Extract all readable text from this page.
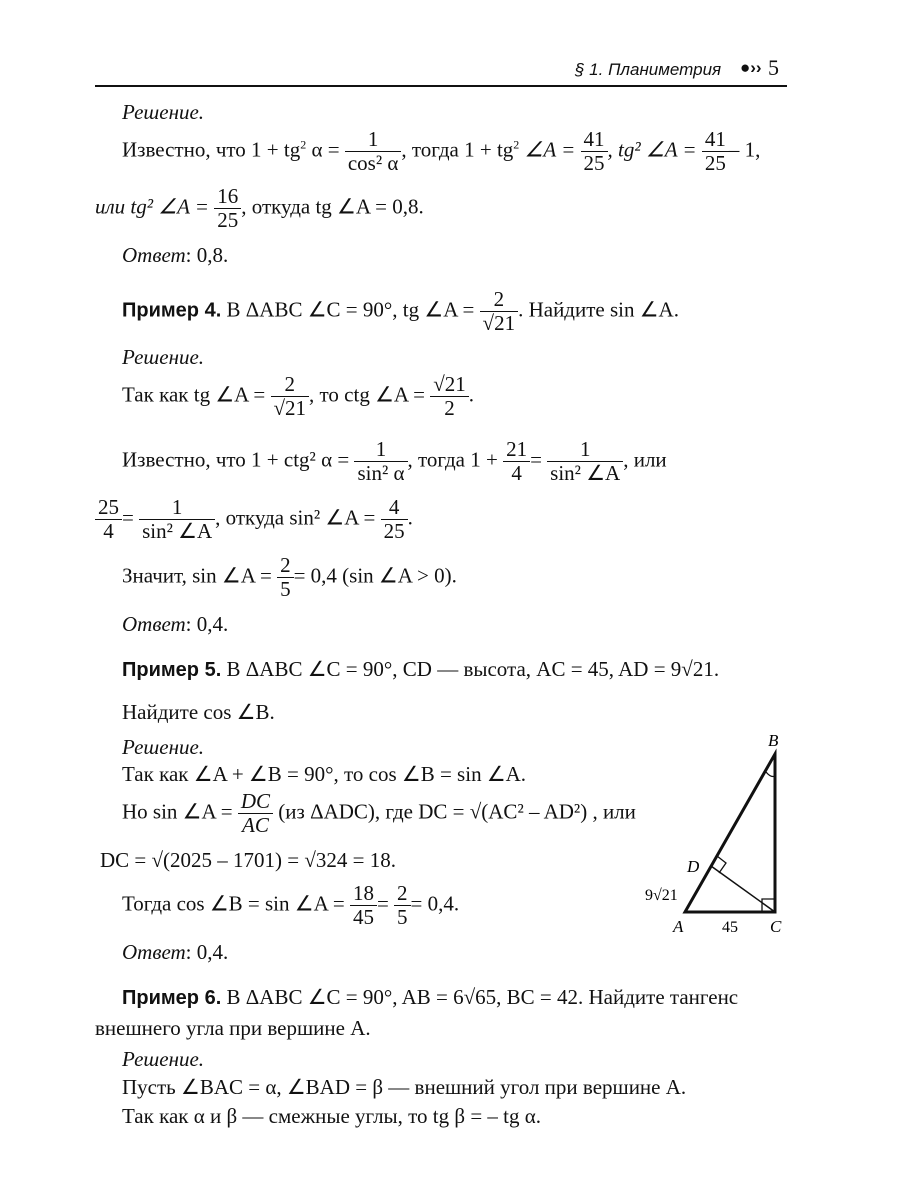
§ 1. Планиметрия ●›› 5
Решение.
Известно, что $1 + tg^2$ $\alpha = \frac{1}{\text{cos² α}}$ , тогда $1 + tg^2$ ∠A = $\frac{41}{25}$ , tg² ∠A = $\frac{41}{25} - 1$,
или tg² ∠A = $\frac{16}{25}$ , откуда tg ∠A = 0,8.
Ответ: 0,8.
Пример 4. В ΔABC ∠C = 90°, tg ∠A = $\frac{2}{√21}$ . Найдите sin ∠A.
Решение.
Так как tg ∠A = $\frac{2}{√21}$ , то ctg ∠A = $\frac{√21}{2}$ .
Известно, что 1 + ctg² $\alpha = \frac{1}{\text{sin² α}}$ , тогда $1 + \frac{21}{4} = \frac{1}{\text{sin² ∠A}}$ , или
$\frac{25}{4} = \frac{1}{\text{sin² ∠A}}$ , откуда sin² ∠A = $\frac{4}{25}$ .
Значит, sin ∠A = $\frac{2}{5} = 0,4$ (sin ∠A > 0).
Ответ: 0,4.
Пример 5. В ΔABC ∠C = 90°, CD — высота, AC = 45, AD = 9√21.
Найдите cos ∠B.
Решение.
Так как ∠A + ∠B = 90°, то cos ∠B = sin ∠A.
Но sin ∠A = $\frac{DC}{AC} (из$ ΔADC), где DC = √(AC² – AD²) , или
DC = √(2025 – 1701) = √324 = 18.
Тогда cos ∠B = sin ∠A = $\frac{18}{45} = \frac{2}{5} = 0,4$.
Ответ: 0,4.
B
D
A	C
9√21
45
Пример 6. В ΔABC ∠C = 90°, AB = 6√65, BC = 42. Найдите тангенс
внешнего угла при вершине A.
Решение.
Пусть ∠BAC = α, ∠BAD = β — внешний угол при вершине A.
Так как α и β — смежные углы, то tg β = – tg α.
